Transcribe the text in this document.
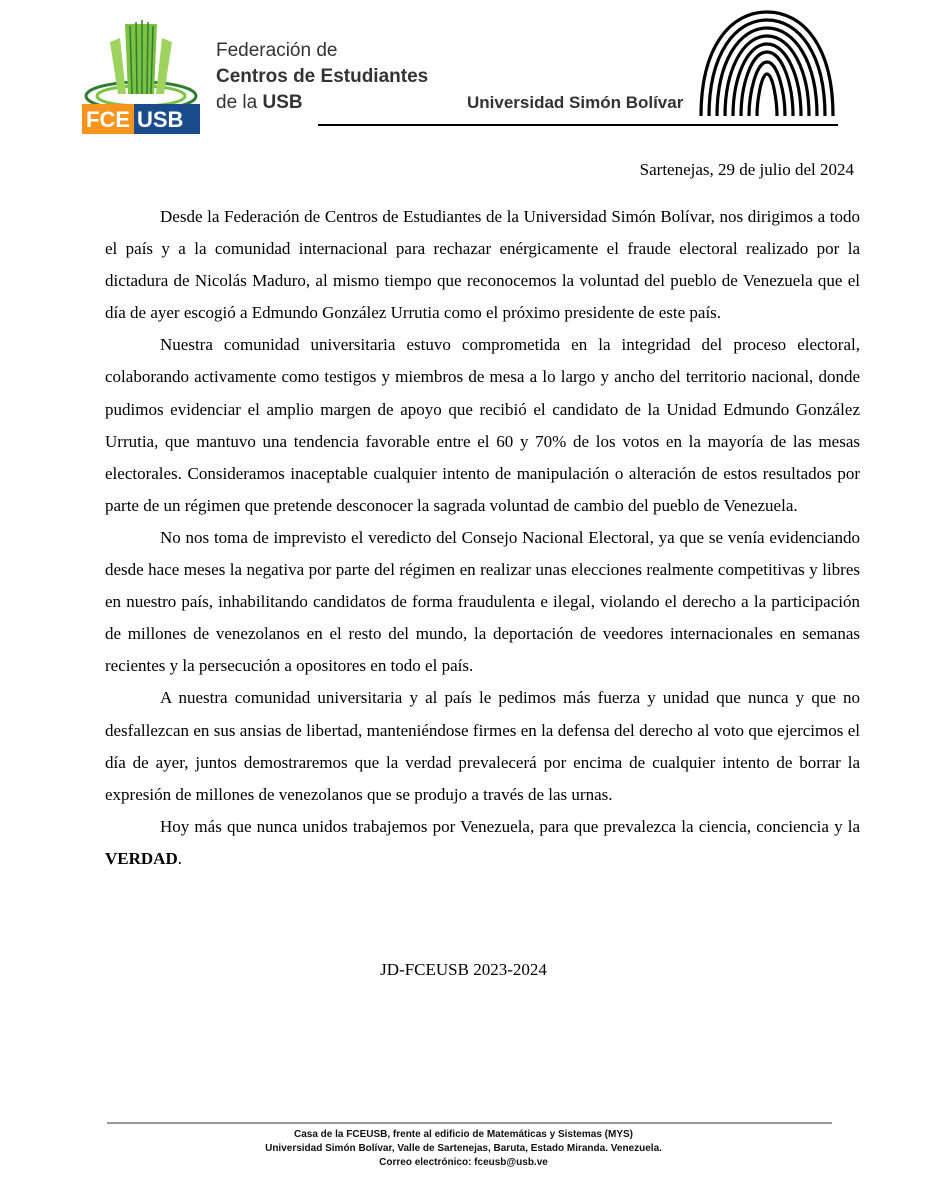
FCE USB
Federación de
Centros de Estudiantes
de la USB	Universidad Simón Bolívar
Sartenejas, 29 de julio del 2024

Desde la Federación de Centros de Estudiantes de la Universidad Simón Bolívar, nos dirigimos a todo el país y a la comunidad internacional para rechazar enérgicamente el fraude electoral realizado por la dictadura de Nicolás Maduro, al mismo tiempo que reconocemos la voluntad del pueblo de Venezuela que el día de ayer escogió a Edmundo González Urrutia como el próximo presidente de este país.

Nuestra comunidad universitaria estuvo comprometida en la integridad del proceso electoral, colaborando activamente como testigos y miembros de mesa a lo largo y ancho del territorio nacional, donde pudimos evidenciar el amplio margen de apoyo que recibió el candidato de la Unidad Edmundo González Urrutia, que mantuvo una tendencia favorable entre el 60 y 70% de los votos en la mayoría de las mesas electorales. Consideramos inaceptable cualquier intento de manipulación o alteración de estos resultados por parte de un régimen que pretende desconocer la sagrada voluntad de cambio del pueblo de Venezuela.

No nos toma de imprevisto el veredicto del Consejo Nacional Electoral, ya que se venía evidenciando desde hace meses la negativa por parte del régimen en realizar unas elecciones realmente competitivas y libres en nuestro país, inhabilitando candidatos de forma fraudulenta e ilegal, violando el derecho a la participación de millones de venezolanos en el resto del mundo, la deportación de veedores internacionales en semanas recientes y la persecución a opositores en todo el país.

A nuestra comunidad universitaria y al país le pedimos más fuerza y unidad que nunca y que no desfallezcan en sus ansias de libertad, manteniéndose firmes en la defensa del derecho al voto que ejercimos el día de ayer, juntos demostraremos que la verdad prevalecerá por encima de cualquier intento de borrar la expresión de millones de venezolanos que se produjo a través de las urnas.

Hoy más que nunca unidos trabajemos por Venezuela, para que prevalezca la ciencia, conciencia y la VERDAD.

JD-FCEUSB 2023-2024
Casa de la FCEUSB, frente al edificio de Matemáticas y Sistemas (MYS)
Universidad Simón Bolívar, Valle de Sartenejas, Baruta, Estado Miranda. Venezuela.
Correo electrónico: fceusb@usb.ve
